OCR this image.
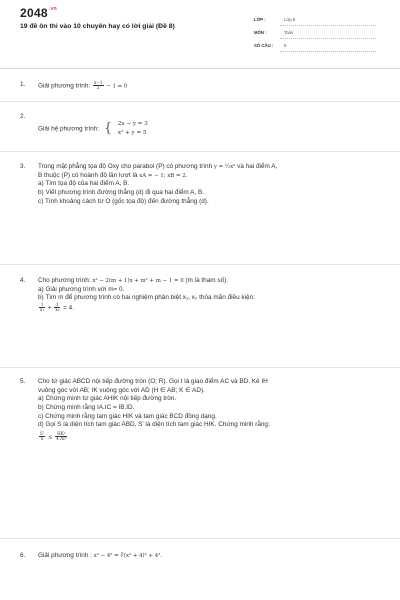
$2048^{.vn}$
19 đề ôn thi vào 10 chuyên hay có lời giải (Đề 8)
LỚP :	Lớp 9
MÔN :	Toán
SỐ CÂU : 6
1.	Giải phương trình: $\frac{x-1}{2} - 1 = 0$
2.
Giải hệ phương trình: { 2x − y = 3
x² + y = 5
3.	Trong mặt phẳng tọa độ Oxy cho parabol (P) có phương trình y = ½x² và hai điểm A,

B thuộc (P) có hoành độ lần lượt là xA = − 1; xB = 2.

a) Tìm tọa độ của hai điểm A, B.

b) Viết phương trình đường thẳng (d) đi qua hai điểm A, B.

c) Tính khoảng cách từ O (gốc tọa độ) đến đường thẳng (d).

4.	Cho phương trình: x² − 2(m + 1)x + m² + m − 1 = 0 (m là tham số).

a) Giải phương trình với m= 0.

b) Tìm m để phương trình có hai nghiệm phân biệt x₁, x₂ thỏa mãn điều kiện:

$\frac{1}{\text{x₁}} + \frac{1}{\text{x₂}} = 4$.

5.	Cho tứ giác ABCD nội tiếp đường tròn (O; R). Gọi I là giao điểm AC và BD. Kẻ IH

vuông góc với AB; IK vuông góc với AD (H ∈ AB; K ∈ AD).

a) Chứng minh tứ giác AHIK nội tiếp đường tròn.

b) Chứng minh rằng IA.IC = IB.ID.

c) Chứng minh rằng tam giác HIK và tam giác BCD đồng dạng.

d) Gọi S là diện tích tam giác ABD, S' là diện tích tam giác HIK. Chứng minh rằng:

$\frac{S'}{S} \le \frac{\text{HK²}}{\text{4.AI²}}$

6.	Giải phương trình : x² − 4² = ∛(x² + 4)² + 4².
